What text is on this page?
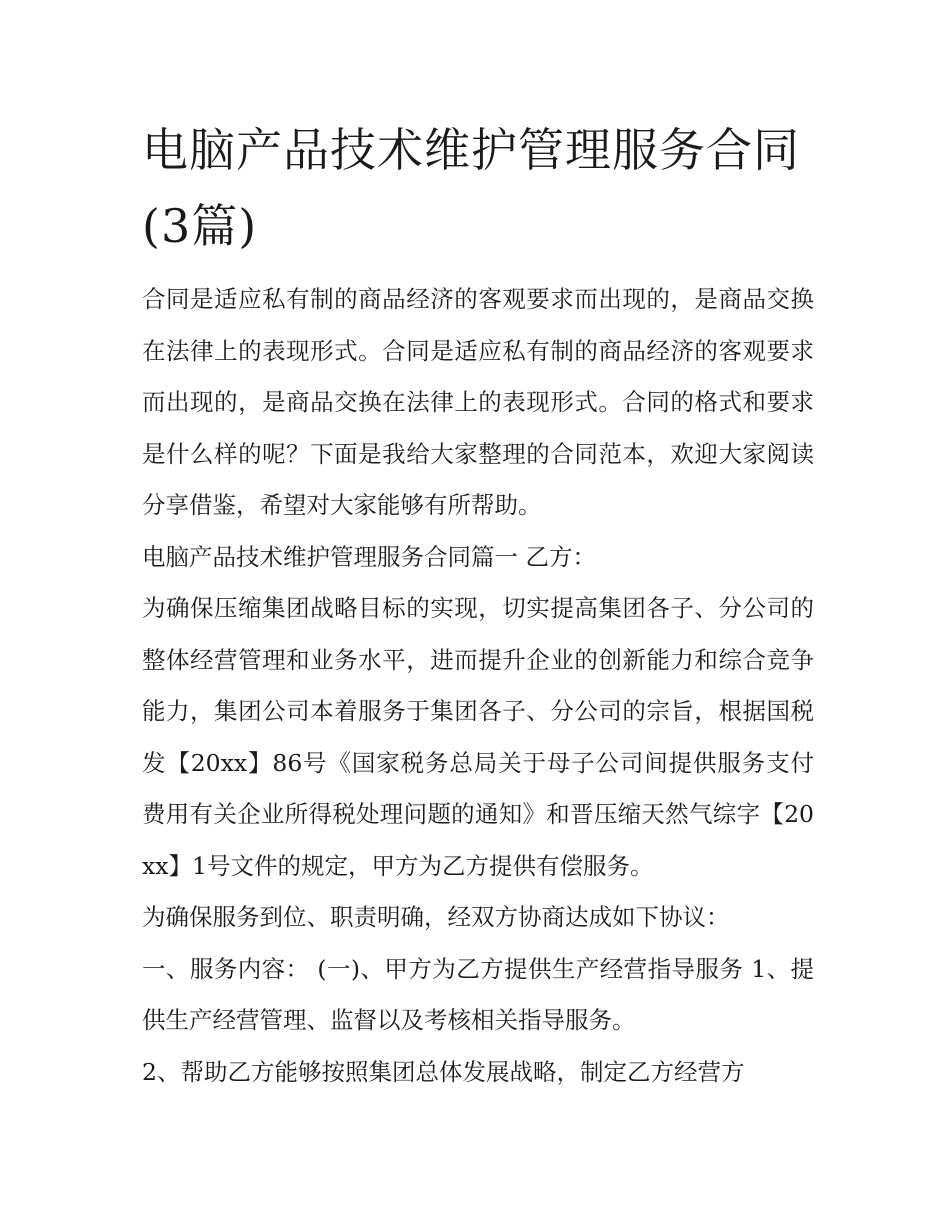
电脑产品技术维护管理服务合同(3篇)

合同是适应私有制的商品经济的客观要求而出现的，是商品交换在法律上的表现形式。合同是适应私有制的商品经济的客观要求而出现的，是商品交换在法律上的表现形式。合同的格式和要求是什么样的呢？下面是我给大家整理的合同范本，欢迎大家阅读分享借鉴，希望对大家能够有所帮助。

电脑产品技术维护管理服务合同篇一 乙方：

为确保压缩集团战略目标的实现，切实提高集团各子、分公司的整体经营管理和业务水平，进而提升企业的创新能力和综合竞争能力，集团公司本着服务于集团各子、分公司的宗旨，根据国税发【20xx】86号《国家税务总局关于母子公司间提供服务支付费用有关企业所得税处理问题的通知》和晋压缩天然气综字【20xx】1号文件的规定，甲方为乙方提供有偿服务。

为确保服务到位、职责明确，经双方协商达成如下协议：

一、服务内容： (一)、甲方为乙方提供生产经营指导服务 1、提供生产经营管理、监督以及考核相关指导服务。

2、帮助乙方能够按照集团总体发展战略，制定乙方经营方
